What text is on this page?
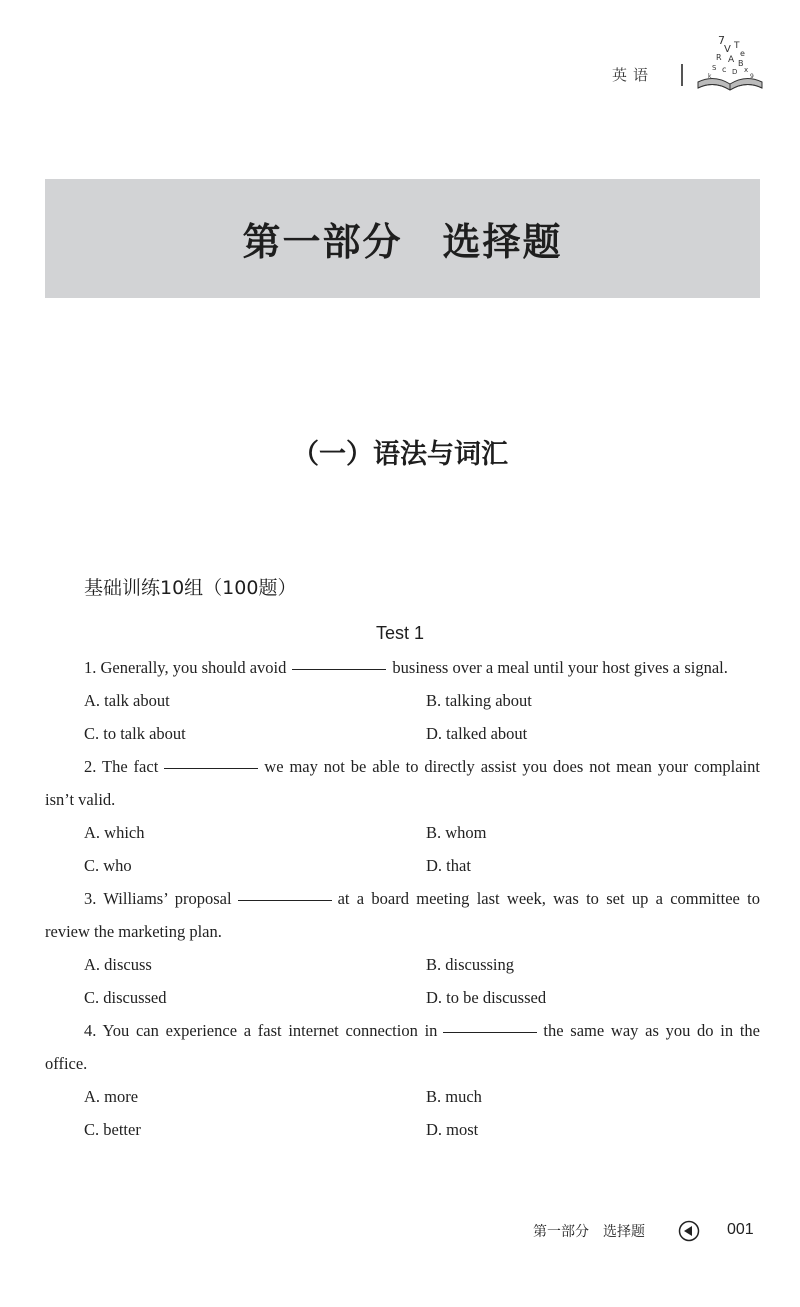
英语
7
V T
e
R A B
S c D x
k	9
第一部分　选择题
（一）语法与词汇
基础训练10组（100题）
Test 1

1. Generally, you should avoid	business over a meal until your host gives a signal.

A. talk about	B. talking about
C. to talk about	D. talked about

2. The fact	we may not be able to directly assist you does not mean your complaint isn’t valid.

A. which	B. whom
C. who	D. that

3. Williams’ proposal	at a board meeting last week, was to set up a committee to review the marketing plan.

A. discuss	B. discussing
C. discussed	D. to be discussed

4. You can experience a fast internet connection in	the same way as you do in the office.

A. more	B. much
C. better	D. most
第一部分　选择题	001
